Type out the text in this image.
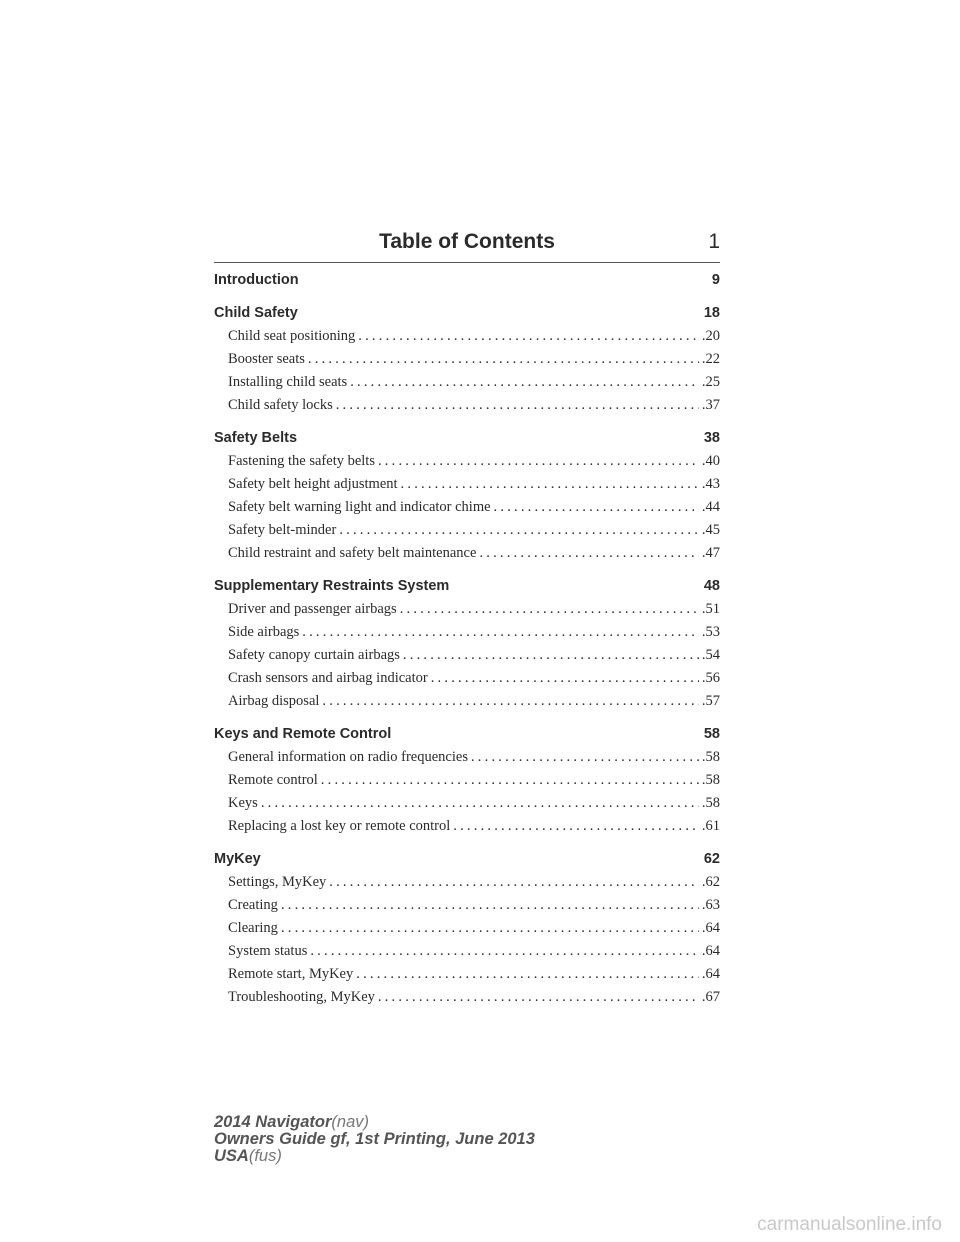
Table of Contents	1
Introduction	9
Child Safety	18
Child seat positioning .....	.20
Booster seats .....	.22
Installing child seats .....	.25
Child safety locks .....	.37
Safety Belts	38
Fastening the safety belts .....	.40
Safety belt height adjustment .....	.43
Safety belt warning light and indicator chime .....	.44
Safety belt-minder .....	.45
Child restraint and safety belt maintenance .....	.47
Supplementary Restraints System	48
Driver and passenger airbags .....	.51
Side airbags .....	.53
Safety canopy curtain airbags .....	.54
Crash sensors and airbag indicator .....	.56
Airbag disposal .....	.57
Keys and Remote Control	58
General information on radio frequencies .....	.58
Remote control .....	.58
Keys .....	.58
Replacing a lost key or remote control .....	.61
MyKey	62
Settings, MyKey .....	.62
Creating .....	.63
Clearing .....	.64
System status .....	.64
Remote start, MyKey .....	.64
Troubleshooting, MyKey .....	.67
2014 Navigator(nav)
Owners Guide gf, 1st Printing, June 2013
USA(fus)
carmanualsonline.info
